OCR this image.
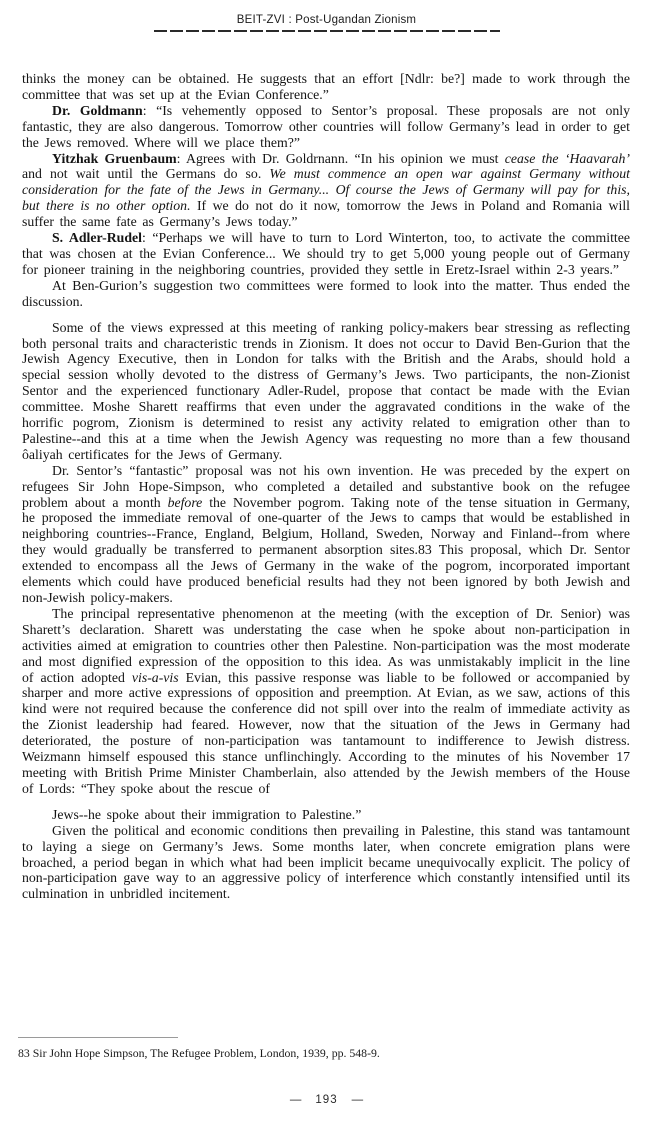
BEIT-ZVI : Post-Ugandan Zionism

thinks the money can be obtained. He suggests that an effort [Ndlr: be?] made to work through the committee that was set up at the Evian Conference.”

Dr. Goldmann: “Is vehemently opposed to Sentor’s proposal. These proposals are not only fantastic, they are also dangerous. Tomorrow other countries will follow Germany’s lead in order to get the Jews removed. Where will we place them?”

Yitzhak Gruenbaum: Agrees with Dr. Goldrnann. “In his opinion we must cease the ‘Haavarah’ and not wait until the Germans do so. We must commence an open war against Germany without consideration for the fate of the Jews in Germany... Of course the Jews of Germany will pay for this, but there is no other option. If we do not do it now, tomorrow the Jews in Poland and Romania will suffer the same fate as Germany’s Jews today.”

S. Adler-Rudel: “Perhaps we will have to turn to Lord Winterton, too, to activate the committee that was chosen at the Evian Conference... We should try to get 5,000 young people out of Germany for pioneer training in the neighboring countries, provided they settle in Eretz-Israel within 2-3 years.”

At Ben-Gurion’s suggestion two committees were formed to look into the matter. Thus ended the discussion.

Some of the views expressed at this meeting of ranking policy-makers bear stressing as reflecting both personal traits and characteristic trends in Zionism. It does not occur to David Ben-Gurion that the Jewish Agency Executive, then in London for talks with the British and the Arabs, should hold a special session wholly devoted to the distress of Germany’s Jews. Two participants, the non-Zionist Sentor and the experienced functionary Adler-Rudel, propose that contact be made with the Evian committee. Moshe Sharett reaffirms that even under the aggravated conditions in the wake of the horrific pogrom, Zionism is determined to resist any activity related to emigration other than to Palestine--and this at a time when the Jewish Agency was requesting no more than a few thousand ôaliyah certificates for the Jews of Germany.

Dr. Sentor’s “fantastic” proposal was not his own invention. He was preceded by the expert on refugees Sir John Hope-Simpson, who completed a detailed and substantive book on the refugee problem about a month before the November pogrom. Taking note of the tense situation in Germany, he proposed the immediate removal of one-quarter of the Jews to camps that would be established in neighboring countries--France, England, Belgium, Holland, Sweden, Norway and Finland--from where they would gradually be transferred to permanent absorption sites.83 This proposal, which Dr. Sentor extended to encompass all the Jews of Germany in the wake of the pogrom, incorporated important elements which could have produced beneficial results had they not been ignored by both Jewish and non-Jewish policy-makers.

The principal representative phenomenon at the meeting (with the exception of Dr. Senior) was Sharett’s declaration. Sharett was understating the case when he spoke about non-participation in activities aimed at emigration to countries other then Palestine. Non-participation was the most moderate and most dignified expression of the opposition to this idea. As was unmistakably implicit in the line of action adopted vis-a-vis Evian, this passive response was liable to be followed or accompanied by sharper and more active expressions of opposition and preemption. At Evian, as we saw, actions of this kind were not required because the conference did not spill over into the realm of immediate activity as the Zionist leadership had feared. However, now that the situation of the Jews in Germany had deteriorated, the posture of non-participation was tantamount to indifference to Jewish distress. Weizmann himself espoused this stance unflinchingly. According to the minutes of his November 17 meeting with British Prime Minister Chamberlain, also attended by the Jewish members of the House of Lords: “They spoke about the rescue of

Jews--he spoke about their immigration to Palestine.”

Given the political and economic conditions then prevailing in Palestine, this stand was tantamount to laying a siege on Germany’s Jews. Some months later, when concrete emigration plans were broached, a period began in which what had been implicit became unequivocally explicit. The policy of non-participation gave way to an aggressive policy of interference which constantly intensified until its culmination in unbridled incitement.

83 Sir John Hope Simpson, The Refugee Problem, London, 1939, pp. 548-9.
— 193 —
